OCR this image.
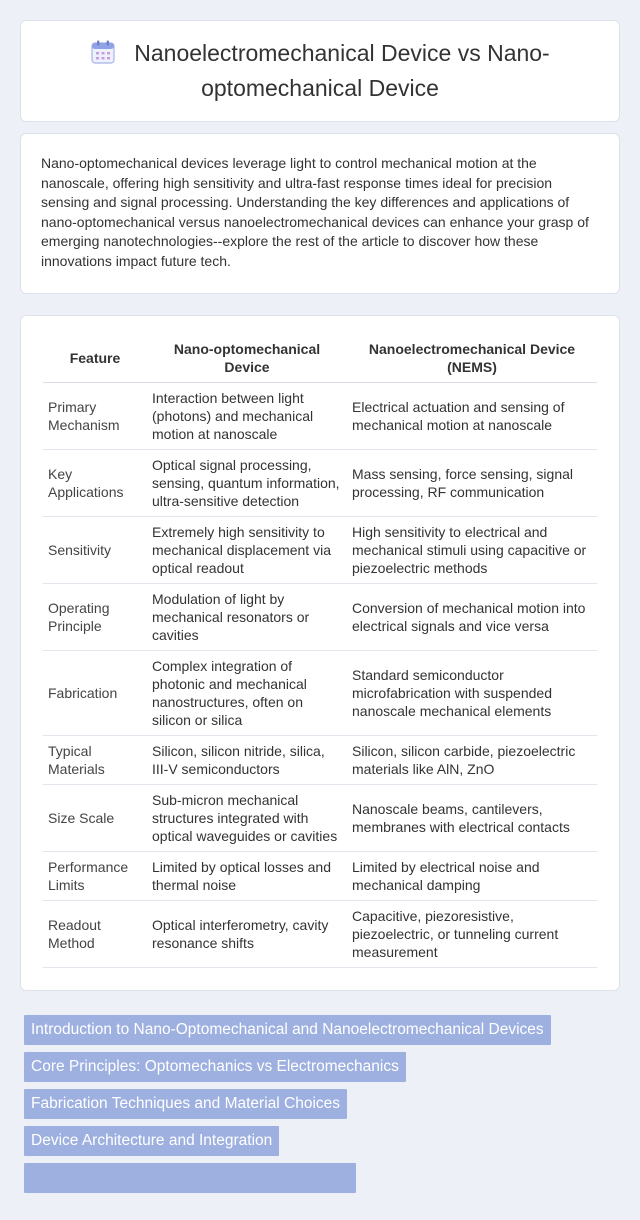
Nanoelectromechanical Device vs Nano-optomechanical Device
Nano-optomechanical devices leverage light to control mechanical motion at the nanoscale, offering high sensitivity and ultra-fast response times ideal for precision sensing and signal processing. Understanding the key differences and applications of nano-optomechanical versus nanoelectromechanical devices can enhance your grasp of emerging nanotechnologies--explore the rest of the article to discover how these innovations impact future tech.
Feature	Nano-optomechanical Device	Nanoelectromechanical Device (NEMS)
Primary Mechanism	Interaction between light (photons) and mechanical motion at nanoscale	Electrical actuation and sensing of mechanical motion at nanoscale
Key Applications	Optical signal processing, sensing, quantum information, ultra-sensitive detection	Mass sensing, force sensing, signal processing, RF communication
Sensitivity	Extremely high sensitivity to mechanical displacement via optical readout	High sensitivity to electrical and mechanical stimuli using capacitive or piezoelectric methods
Operating Principle	Modulation of light by mechanical resonators or cavities	Conversion of mechanical motion into electrical signals and vice versa
Fabrication	Complex integration of photonic and mechanical nanostructures, often on silicon or silica	Standard semiconductor microfabrication with suspended nanoscale mechanical elements
Typical Materials	Silicon, silicon nitride, silica, III-V semiconductors	Silicon, silicon carbide, piezoelectric materials like AlN, ZnO
Size Scale	Sub-micron mechanical structures integrated with optical waveguides or cavities	Nanoscale beams, cantilevers, membranes with electrical contacts
Performance Limits	Limited by optical losses and thermal noise	Limited by electrical noise and mechanical damping
Readout Method	Optical interferometry, cavity resonance shifts	Capacitive, piezoresistive, piezoelectric, or tunneling current measurement
Introduction to Nano-Optomechanical and Nanoelectromechanical Devices
Core Principles: Optomechanics vs Electromechanics
Fabrication Techniques and Material Choices
Device Architecture and Integration
